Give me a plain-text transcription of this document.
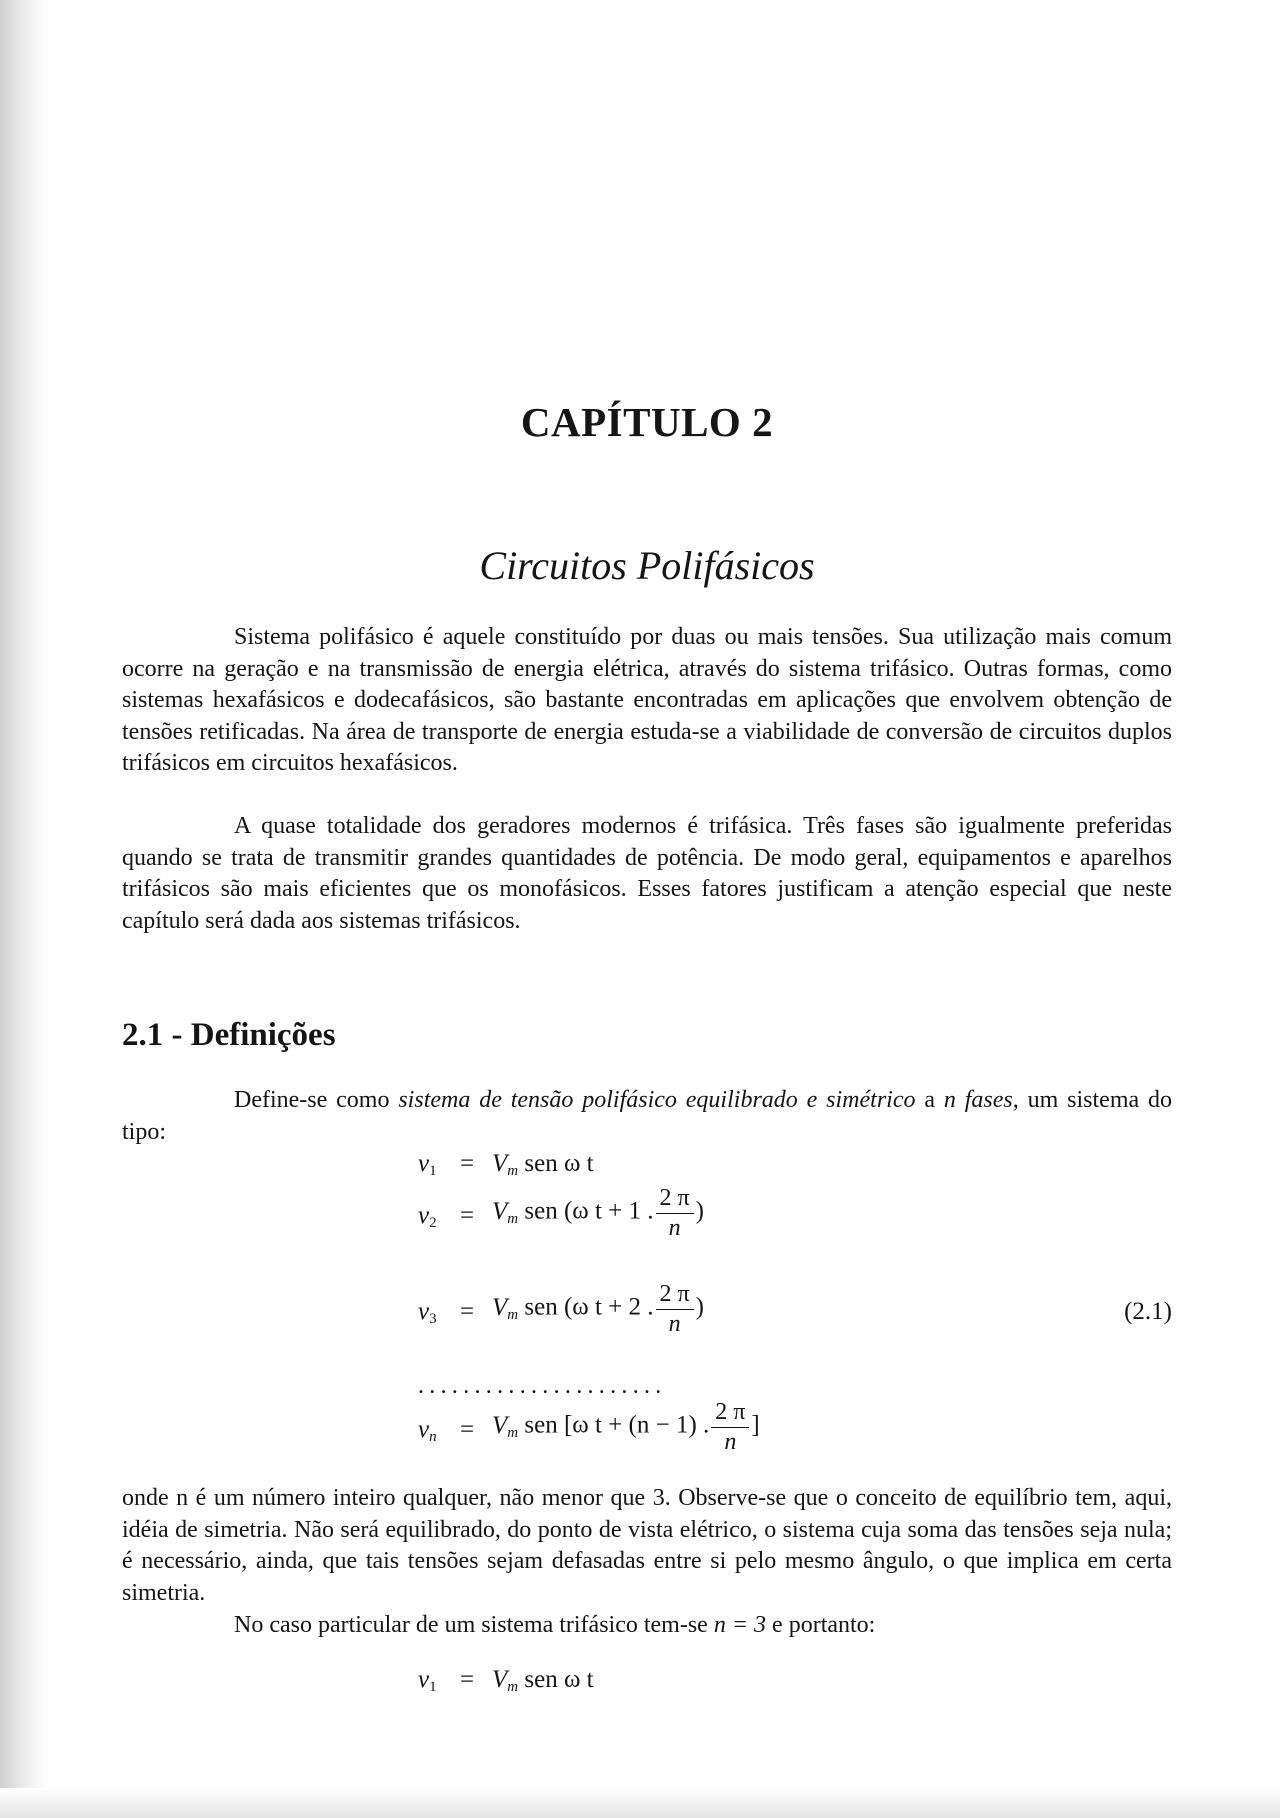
CAPÍTULO 2
Circuitos Polifásicos

Sistema polifásico é aquele constituído por duas ou mais tensões. Sua utilização mais comum ocorre na geração e na transmissão de energia elétrica, através do sistema trifásico. Outras formas, como sistemas hexafásicos e dodecafásicos, são bastante encontradas em aplicações que envolvem obtenção de tensões retificadas. Na área de transporte de energia estuda-se a viabilidade de conversão de circuitos duplos trifásicos em circuitos hexafásicos.

A quase totalidade dos geradores modernos é trifásica. Três fases são igualmente preferidas quando se trata de transmitir grandes quantidades de potência. De modo geral, equipamentos e aparelhos trifásicos são mais eficientes que os monofásicos. Esses fatores justificam a atenção especial que neste capítulo será dada aos sistemas trifásicos.

2.1 - Definições

Define-se como sistema de tensão polifásico equilibrado e simétrico a n fases, um sistema do tipo:

$v_1 = V_m$ sen ω t
$v_2 = V_m$ sen (ω t + 1 . $\frac{2 \pi}{n}$ )
$v_3 = V_m$ sen (ω t + 2 . $\frac{2 \pi}{n}$ )	(2.1)
......................
$v_n = V_m$ sen [ω t + (n − 1) . $\frac{2 \pi}{n}$ ]

onde n é um número inteiro qualquer, não menor que 3. Observe-se que o conceito de equilíbrio tem, aqui, idéia de simetria. Não será equilibrado, do ponto de vista elétrico, o sistema cuja soma das tensões seja nula; é necessário, ainda, que tais tensões sejam defasadas entre si pelo mesmo ângulo, o que implica em certa simetria.

No caso particular de um sistema trifásico tem-se n = 3 e portanto:

$v_1 = V_m$ sen ω t
